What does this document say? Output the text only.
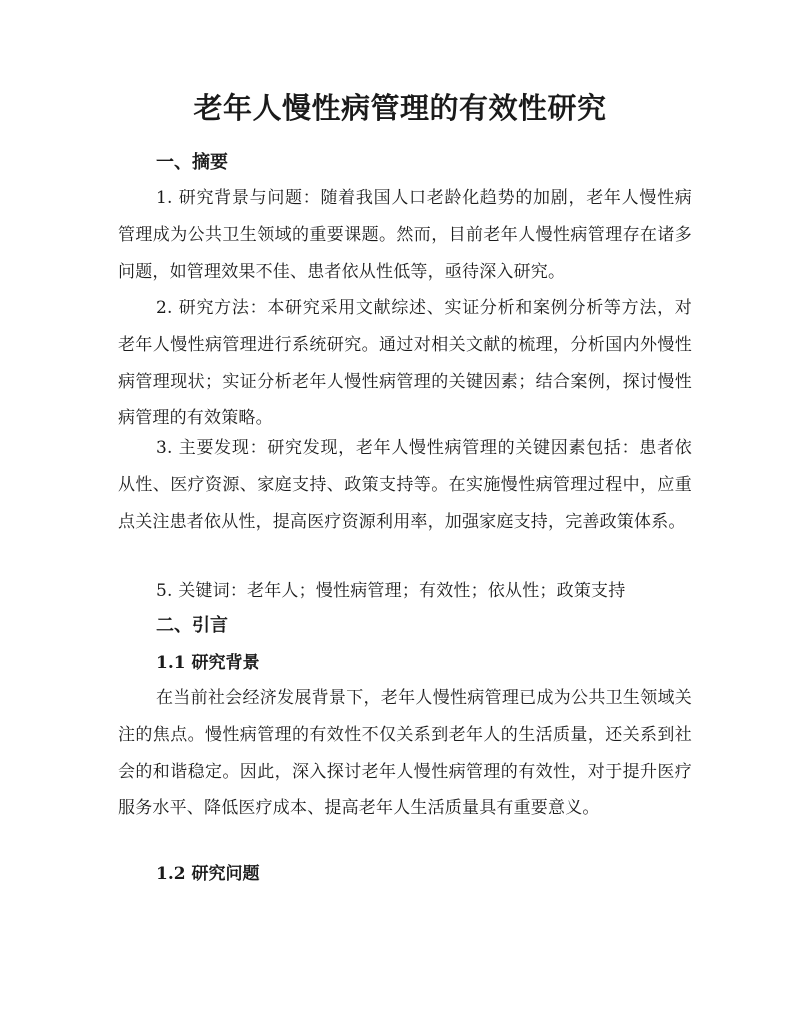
老年人慢性病管理的有效性研究
一、摘要

1. 研究背景与问题：随着我国人口老龄化趋势的加剧，老年人慢性病管理成为公共卫生领域的重要课题。然而，目前老年人慢性病管理存在诸多问题，如管理效果不佳、患者依从性低等，亟待深入研究。

2. 研究方法：本研究采用文献综述、实证分析和案例分析等方法，对老年人慢性病管理进行系统研究。通过对相关文献的梳理，分析国内外慢性病管理现状；实证分析老年人慢性病管理的关键因素；结合案例，探讨慢性病管理的有效策略。

3. 主要发现：研究发现，老年人慢性病管理的关键因素包括：患者依从性、医疗资源、家庭支持、政策支持等。在实施慢性病管理过程中，应重点关注患者依从性，提高医疗资源利用率，加强家庭支持，完善政策体系。

5. 关键词：老年人；慢性病管理；有效性；依从性；政策支持

二、引言
1.1 研究背景

在当前社会经济发展背景下，老年人慢性病管理已成为公共卫生领域关注的焦点。慢性病管理的有效性不仅关系到老年人的生活质量，还关系到社会的和谐稳定。因此，深入探讨老年人慢性病管理的有效性，对于提升医疗服务水平、降低医疗成本、提高老年人生活质量具有重要意义。

1.2 研究问题
